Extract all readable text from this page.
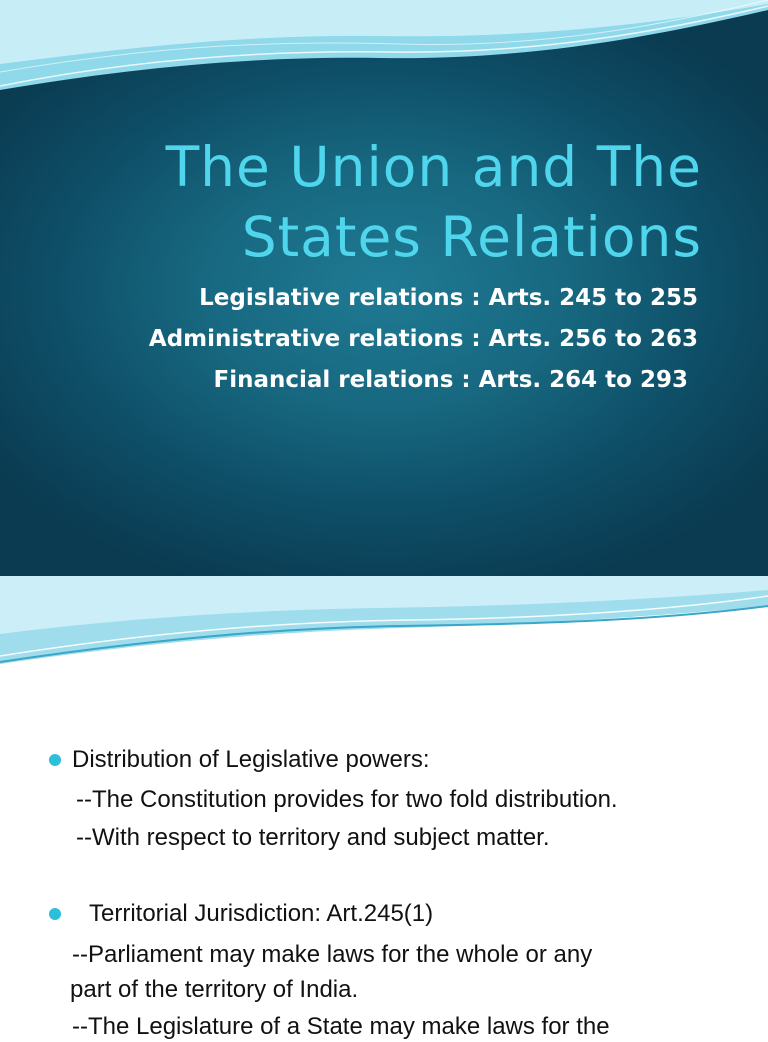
The Union and The
States Relations
Legislative relations : Arts. 245 to 255
Administrative relations : Arts. 256 to 263
Financial relations : Arts. 264 to 293
Distribution of Legislative powers:
--The Constitution provides for two fold distribution.
--With respect to territory and subject matter.
Territorial Jurisdiction: Art.245(1)
--Parliament may make laws for the whole or any
part of the territory of India.
--The Legislature of a State may make laws for the
